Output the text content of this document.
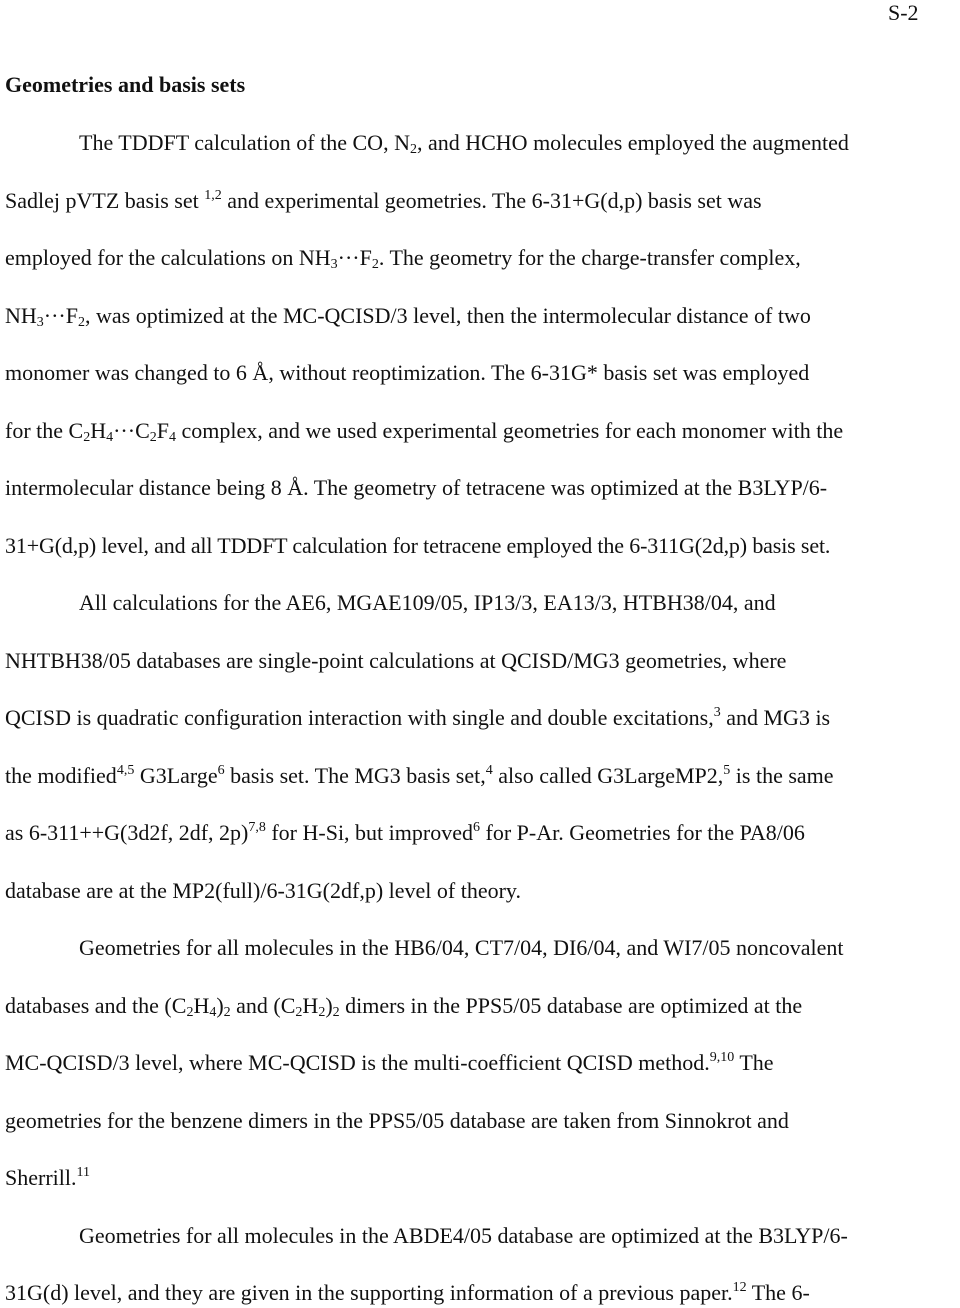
S-2
Geometries and basis sets
The TDDFT calculation of the CO, $N_2$, and HCHO molecules employed the augmented
Sadlej pVTZ basis set $^{1,2}$ and experimental geometries. The 6-31+G(d,p) basis set was
employed for the calculations on $NH_3\cdot\cdot\cdot F_2$. The geometry for the charge-transfer complex,
$NH_3\cdot\cdot\cdot F_2$, was optimized at the MC-QCISD/3 level, then the intermolecular distance of two
monomer was changed to 6 Å, without reoptimization. The 6-31G* basis set was employed
for the $C_2H_4\cdot\cdot\cdot C_2F_4$ complex, and we used experimental geometries for each monomer with the
intermolecular distance being 8 Å. The geometry of tetracene was optimized at the B3LYP/6-
31+G(d,p) level, and all TDDFT calculation for tetracene employed the 6-311G(2d,p) basis set.
All calculations for the AE6, MGAE109/05, IP13/3, EA13/3, HTBH38/04, and
NHTBH38/05 databases are single-point calculations at QCISD/MG3 geometries, where
QCISD is quadratic configuration interaction with single and double excitations,$^3$ and MG3 is
the modified$^{4,5}$ G3Large$^6$ basis set. The MG3 basis set,$^4$ also called G3LargeMP2,$^5$ is the same
as 6-311++G(3d2f, 2df, 2p)$^{7,8}$ for H-Si, but improved$^6$ for P-Ar. Geometries for the PA8/06
database are at the MP2(full)/6-31G(2df,p) level of theory.
Geometries for all molecules in the HB6/04, CT7/04, DI6/04, and WI7/05 noncovalent
databases and the $(C_2H_4)_2$ and $(C_2H_2)_2$ dimers in the PPS5/05 database are optimized at the
MC-QCISD/3 level, where MC-QCISD is the multi-coefficient QCISD method.$^{9,10}$ The
geometries for the benzene dimers in the PPS5/05 database are taken from Sinnokrot and
Sherrill.$^{11}$
Geometries for all molecules in the ABDE4/05 database are optimized at the B3LYP/6-
31G(d) level, and they are given in the supporting information of a previous paper.$^{12}$ The 6-
